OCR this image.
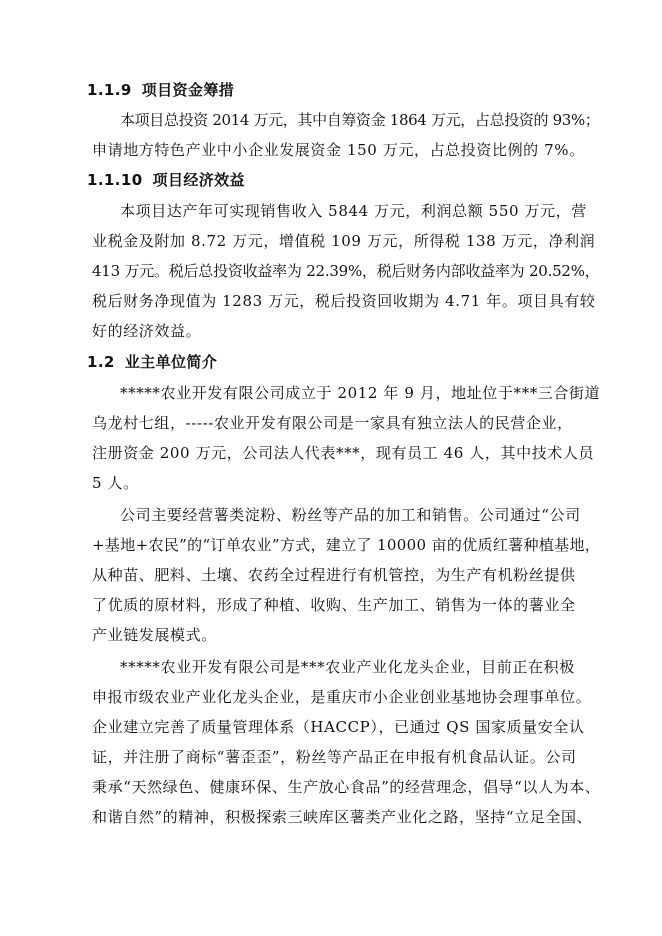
1.1.9 项目资金筹措
本项目总投资 2014 万元，其中自筹资金 1864 万元，占总投资的 93%；
申请地方特色产业中小企业发展资金 150 万元，占总投资比例的 7%。
1.1.10 项目经济效益
本项目达产年可实现销售收入 5844 万元，利润总额 550 万元，营
业税金及附加 8.72 万元，增值税 109 万元，所得税 138 万元，净利润
413 万元。税后总投资收益率为 22.39%，税后财务内部收益率为 20.52%，
税后财务净现值为 1283 万元，税后投资回收期为 4.71 年。项目具有较
好的经济效益。
1.2 业主单位简介
*****农业开发有限公司成立于 2012 年 9 月，地址位于***三合街道
乌龙村七组，-----农业开发有限公司是一家具有独立法人的民营企业，
注册资金 200 万元，公司法人代表***，现有员工 46 人，其中技术人员
5 人。
公司主要经营薯类淀粉、粉丝等产品的加工和销售。公司通过“公司
+基地+农民”的“订单农业”方式，建立了 10000 亩的优质红薯种植基地，
从种苗、肥料、土壤、农药全过程进行有机管控，为生产有机粉丝提供
了优质的原材料，形成了种植、收购、生产加工、销售为一体的薯业全
产业链发展模式。
*****农业开发有限公司是***农业产业化龙头企业，目前正在积极
申报市级农业产业化龙头企业，是重庆市小企业创业基地协会理事单位。
企业建立完善了质量管理体系（HACCP），已通过 QS 国家质量安全认
证，并注册了商标“薯歪歪”，粉丝等产品正在申报有机食品认证。公司
秉承“天然绿色、健康环保、生产放心食品”的经营理念，倡导“以人为本、
和谐自然”的精神，积极探索三峡库区薯类产业化之路，坚持“立足全国、
